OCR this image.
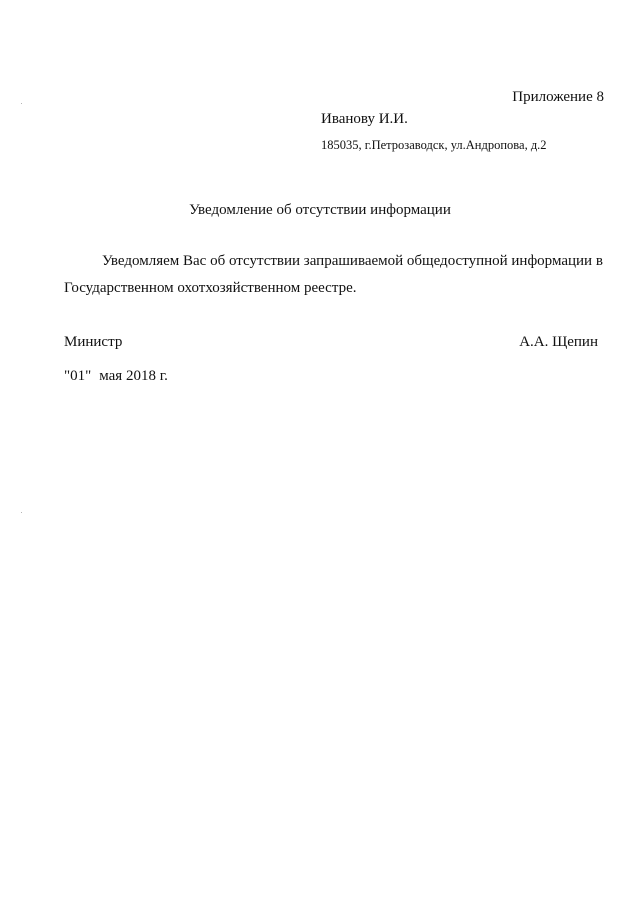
Приложение 8
Иванову И.И.
185035, г.Петрозаводск, ул.Андропова, д.2
Уведомление об отсутствии информации
Уведомляем Вас об отсутствии запрашиваемой общедоступной информации в
Государственном охотхозяйственном реестре.
Министр	А.А. Щепин
"01" мая 2018 г.
